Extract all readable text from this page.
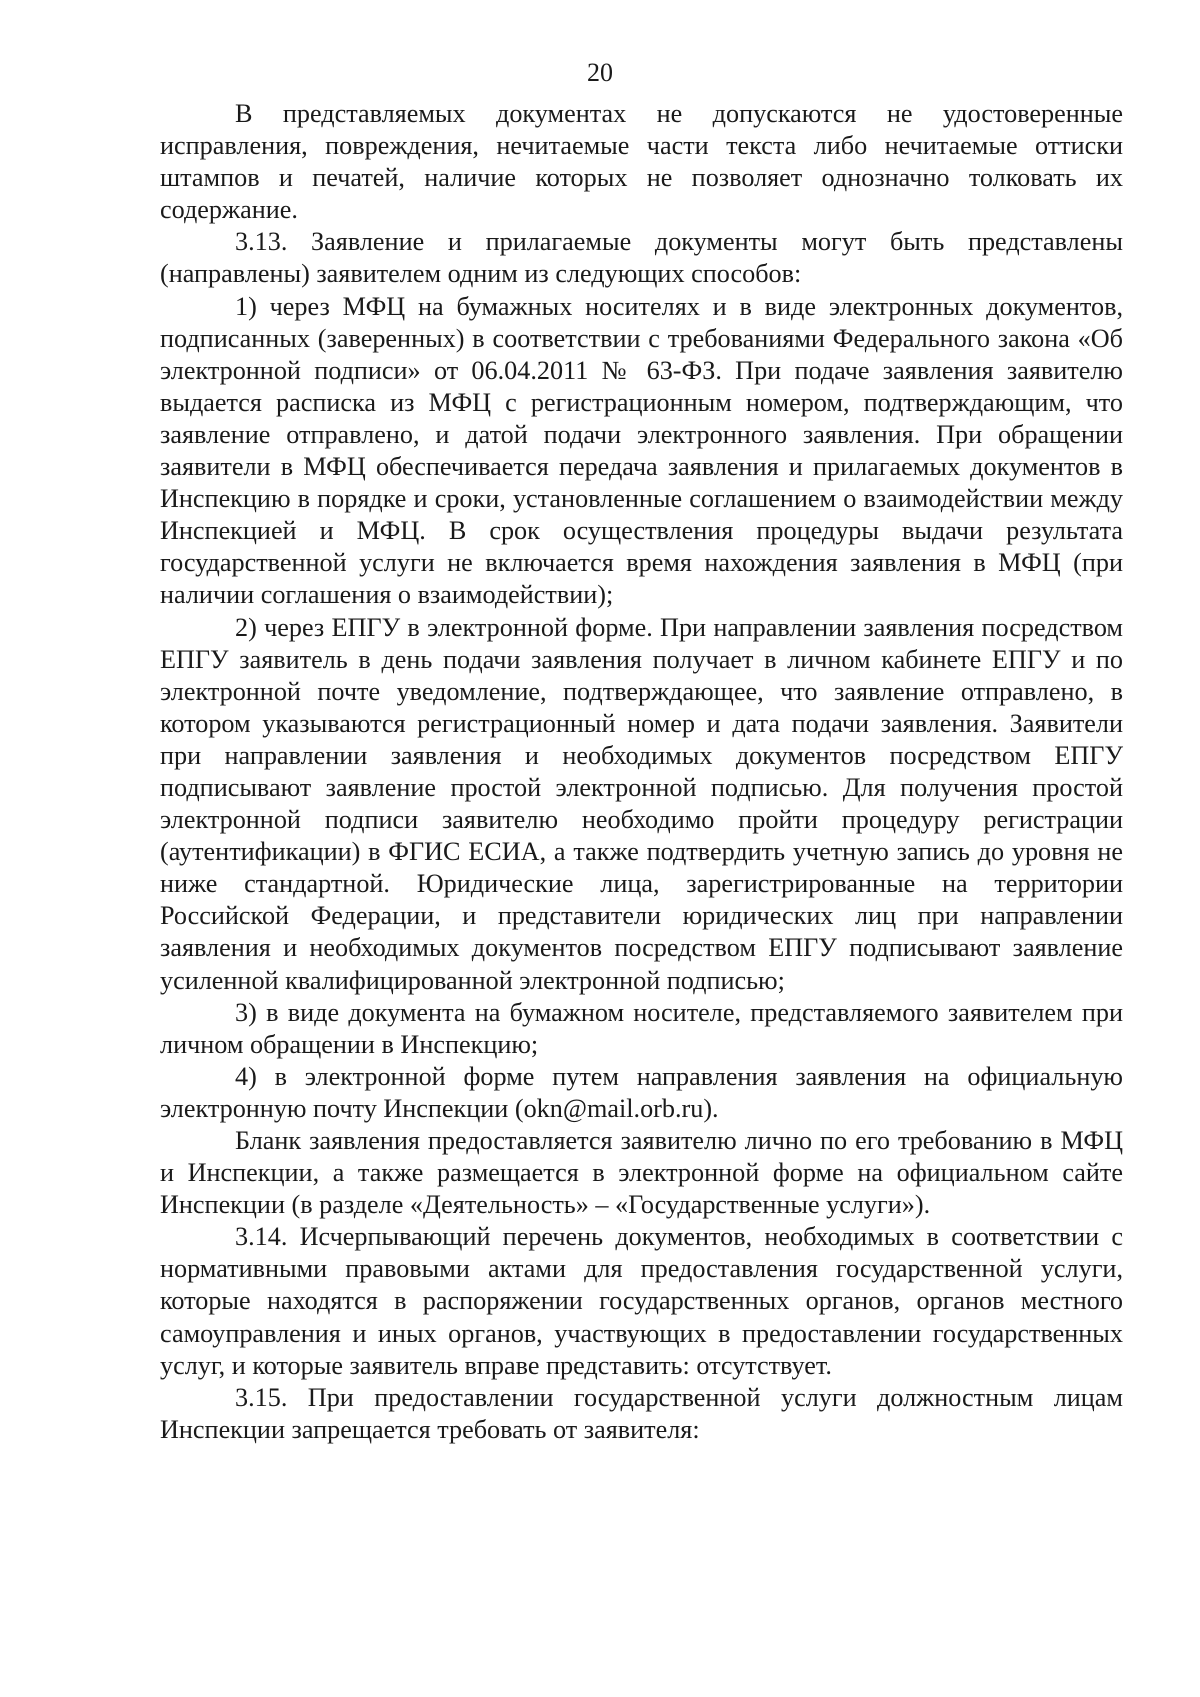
20

В представляемых документах не допускаются не удостоверенные исправления, повреждения, нечитаемые части текста либо нечитаемые оттиски штампов и печатей, наличие которых не позволяет однозначно толковать их содержание.

3.13. Заявление и прилагаемые документы могут быть представлены (направлены) заявителем одним из следующих способов:

1) через МФЦ на бумажных носителях и в виде электронных документов, подписанных (заверенных) в соответствии с требованиями Федерального закона «Об электронной подписи» от 06.04.2011 № 63-ФЗ. При подаче заявления заявителю выдается расписка из МФЦ с регистрационным номером, подтверждающим, что заявление отправлено, и датой подачи электронного заявления. При обращении заявители в МФЦ обеспечивается передача заявления и прилагаемых документов в Инспекцию в порядке и сроки, установленные соглашением о взаимодействии между Инспекцией и МФЦ. В срок осуществления процедуры выдачи результата государственной услуги не включается время нахождения заявления в МФЦ (при наличии соглашения о взаимодействии);

2) через ЕПГУ в электронной форме. При направлении заявления посредством ЕПГУ заявитель в день подачи заявления получает в личном кабинете ЕПГУ и по электронной почте уведомление, подтверждающее, что заявление отправлено, в котором указываются регистрационный номер и дата подачи заявления. Заявители при направлении заявления и необходимых документов посредством ЕПГУ подписывают заявление простой электронной подписью. Для получения простой электронной подписи заявителю необходимо пройти процедуру регистрации (аутентификации) в ФГИС ЕСИА, а также подтвердить учетную запись до уровня не ниже стандартной. Юридические лица, зарегистрированные на территории Российской Федерации, и представители юридических лиц при направлении заявления и необходимых документов посредством ЕПГУ подписывают заявление усиленной квалифицированной электронной подписью;

3) в виде документа на бумажном носителе, представляемого заявителем при личном обращении в Инспекцию;

4) в электронной форме путем направления заявления на официальную электронную почту Инспекции (okn@mail.orb.ru).

Бланк заявления предоставляется заявителю лично по его требованию в МФЦ и Инспекции, а также размещается в электронной форме на официальном сайте Инспекции (в разделе «Деятельность» – «Государственные услуги»).

3.14. Исчерпывающий перечень документов, необходимых в соответствии с нормативными правовыми актами для предоставления государственной услуги, которые находятся в распоряжении государственных органов, органов местного самоуправления и иных органов, участвующих в предоставлении государственных услуг, и которые заявитель вправе представить: отсутствует.

3.15. При предоставлении государственной услуги должностным лицам Инспекции запрещается требовать от заявителя:
